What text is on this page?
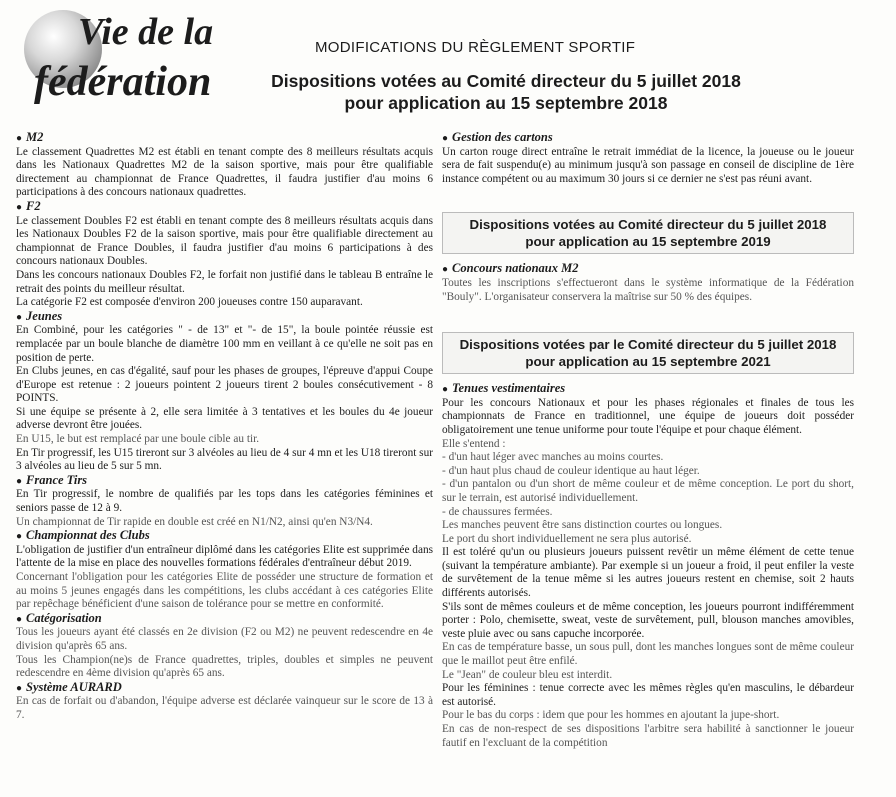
Vie de la
fédération
MODIFICATIONS DU RÈGLEMENT SPORTIF
Dispositions votées au Comité directeur du 5 juillet 2018
pour application au 15 septembre 2018
● M2

Le classement Quadrettes M2 est établi en tenant compte des 8 meilleurs résultats acquis dans les Nationaux Quadrettes M2 de la saison sportive, mais pour être qualifiable directement au championnat de France Quadrettes, il faudra justifier d'au moins 6 participations à des concours nationaux quadrettes.

● F2

Le classement Doubles F2 est établi en tenant compte des 8 meilleurs résultats acquis dans les Nationaux Doubles F2 de la saison sportive, mais pour être qualifiable directement au championnat de France Doubles, il faudra justifier d'au moins 6 participations à des concours nationaux Doubles.

Dans les concours nationaux Doubles F2, le forfait non justifié dans le tableau B entraîne le retrait des points du meilleur résultat.

La catégorie F2 est composée d'environ 200 joueuses contre 150 auparavant.

● Jeunes

En Combiné, pour les catégories " - de 13" et "- de 15", la boule pointée réussie est remplacée par un boule blanche de diamètre 100 mm en veillant à ce qu'elle ne soit pas en position de perte.

En Clubs jeunes, en cas d'égalité, sauf pour les phases de groupes, l'épreuve d'appui Coupe d'Europe est retenue : 2 joueurs pointent 2 joueurs tirent 2 boules consécutivement - 8 POINTS.

Si une équipe se présente à 2, elle sera limitée à 3 tentatives et les boules du 4e joueur adverse devront être jouées.

En U15, le but est remplacé par une boule cible au tir.

En Tir progressif, les U15 tireront sur 3 alvéoles au lieu de 4 sur 4 mn et les U18 tireront sur 3 alvéoles au lieu de 5 sur 5 mn.

● France Tirs

En Tir progressif, le nombre de qualifiés par les tops dans les catégories féminines et seniors passe de 12 à 9.

Un championnat de Tir rapide en double est créé en N1/N2, ainsi qu'en N3/N4.

● Championnat des Clubs

L'obligation de justifier d'un entraîneur diplômé dans les catégories Elite est supprimée dans l'attente de la mise en place des nouvelles formations fédérales d'entraîneur début 2019.

Concernant l'obligation pour les catégories Elite de posséder une structure de formation et au moins 5 jeunes engagés dans les compétitions, les clubs accédant à ces catégories Elite par repêchage bénéficient d'une saison de tolérance pour se mettre en conformité.

● Catégorisation

Tous les joueurs ayant été classés en 2e division (F2 ou M2) ne peuvent redescendre en 4e division qu'après 65 ans.

Tous les Champion(ne)s de France quadrettes, triples, doubles et simples ne peuvent redescendre en 4ème division qu'après 65 ans.

● Système AURARD

En cas de forfait ou d'abandon, l'équipe adverse est déclarée vainqueur sur le score de 13 à 7.

● Gestion des cartons

Un carton rouge direct entraîne le retrait immédiat de la licence, la joueuse ou le joueur sera de fait suspendu(e) au minimum jusqu'à son passage en conseil de discipline de 1ère instance compétent ou au maximum 30 jours si ce dernier ne s'est pas réuni avant.

Dispositions votées au Comité directeur du 5 juillet 2018
pour application au 15 septembre 2019
● Concours nationaux M2

Toutes les inscriptions s'effectueront dans le système informatique de la Fédération "Bouly". L'organisateur conservera la maîtrise sur 50 % des équipes.

Dispositions votées par le Comité directeur du 5 juillet 2018
pour application au 15 septembre 2021
● Tenues vestimentaires

Pour les concours Nationaux et pour les phases régionales et finales de tous les championnats de France en traditionnel, une équipe de joueurs doit posséder obligatoirement une tenue uniforme pour toute l'équipe et pour chaque élément.

Elle s'entend :

- d'un haut léger avec manches au moins courtes.

- d'un haut plus chaud de couleur identique au haut léger.

- d'un pantalon ou d'un short de même couleur et de même conception. Le port du short, sur le terrain, est autorisé individuellement.

- de chaussures fermées.

Les manches peuvent être sans distinction courtes ou longues.

Le port du short individuellement ne sera plus autorisé.

Il est toléré qu'un ou plusieurs joueurs puissent revêtir un même élément de cette tenue (suivant la température ambiante). Par exemple si un joueur a froid, il peut enfiler la veste de survêtement de la tenue même si les autres joueurs restent en chemise, soit 2 hauts différents autorisés.

S'ils sont de mêmes couleurs et de même conception, les joueurs pourront indifféremment porter : Polo, chemisette, sweat, veste de survêtement, pull, blouson manches amovibles, veste pluie avec ou sans capuche incorporée.

En cas de température basse, un sous pull, dont les manches longues sont de même couleur que le maillot peut être enfilé.

Le "Jean" de couleur bleu est interdit.

Pour les féminines : tenue correcte avec les mêmes règles qu'en masculins, le débardeur est autorisé.

Pour le bas du corps : idem que pour les hommes en ajoutant la jupe-short.

En cas de non-respect de ses dispositions l'arbitre sera habilité à sanctionner le joueur fautif en l'excluant de la compétition
